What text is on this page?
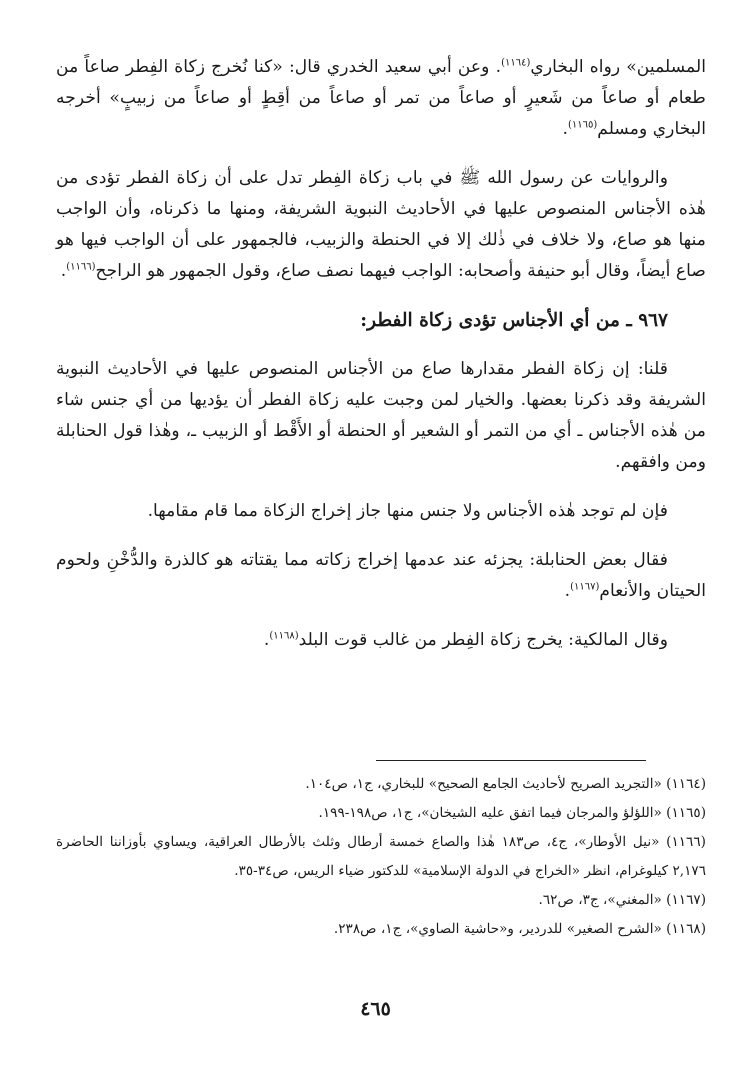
المسلمين» رواه البخاري$^{(١١٦٤)}$. وعن أبي سعيد الخدري قال: «كنا نُخرج زكاة الفِطر صاعاً من طعام أو صاعاً من شَعيرٍ أو صاعاً من تمر أو صاعاً من أقِطٍ أو صاعاً من زبيبٍ» أخرجه البخاري ومسلم$^{(١١٦٥)}$.

والروايات عن رسول الله ﷺ في باب زكاة الفِطر تدل على أن زكاة الفطر تؤدى من هٰذه الأجناس المنصوص عليها في الأحاديث النبوية الشريفة، ومنها ما ذكرناه، وأن الواجب منها هو صاع، ولا خلاف في ذٰلك إلا في الحنطة والزبيب، فالجمهور على أن الواجب فيها هو صاع أيضاً، وقال أبو حنيفة وأصحابه: الواجب فيهما نصف صاع، وقول الجمهور هو الراجح$^{(١١٦٦)}$.

٩٦٧ ـ من أي الأجناس تؤدى زكاة الفطر:

قلنا: إن زكاة الفطر مقدارها صاع من الأجناس المنصوص عليها في الأحاديث النبوية الشريفة وقد ذكرنا بعضها. والخيار لمن وجبت عليه زكاة الفطر أن يؤديها من أي جنس شاء من هٰذه الأجناس ـ أي من التمر أو الشعير أو الحنطة أو الأَقْط أو الزبيب ـ، وهٰذا قول الحنابلة ومن وافقهم.

فإن لم توجد هٰذه الأجناس ولا جنس منها جاز إخراج الزكاة مما قام مقامها.

فقال بعض الحنابلة: يجزئه عند عدمها إخراج زكاته مما يقتاته هو كالذرة والدُّخْنِ ولحوم الحيتان والأنعام$^{(١١٦٧)}$.

وقال المالكية: يخرج زكاة الفِطر من غالب قوت البلد$^{(١١٦٨)}$.

(١١٦٤) «التجريد الصريح لأحاديث الجامع الصحيح» للبخاري، ج١، ص١٠٤.

(١١٦٥) «اللؤلؤ والمرجان فيما اتفق عليه الشيخان»، ج١، ص١٩٨-١٩٩.

(١١٦٦) «نيل الأوطار»، ج٤، ص١٨٣ هٰذا والصاع خمسة أرطال وثلث بالأرطال العراقية، ويساوي بأوزاننا الحاضرة ٢,١٧٦ كيلوغرام، انظر «الخراج في الدولة الإسلامية» للدكتور ضياء الريس، ص٣٤-٣٥.

(١١٦٧) «المغني»، ج٣، ص٦٢.

(١١٦٨) «الشرح الصغير» للدردير، و«حاشية الصاوي»، ج١، ص٢٣٨.

٤٦٥
